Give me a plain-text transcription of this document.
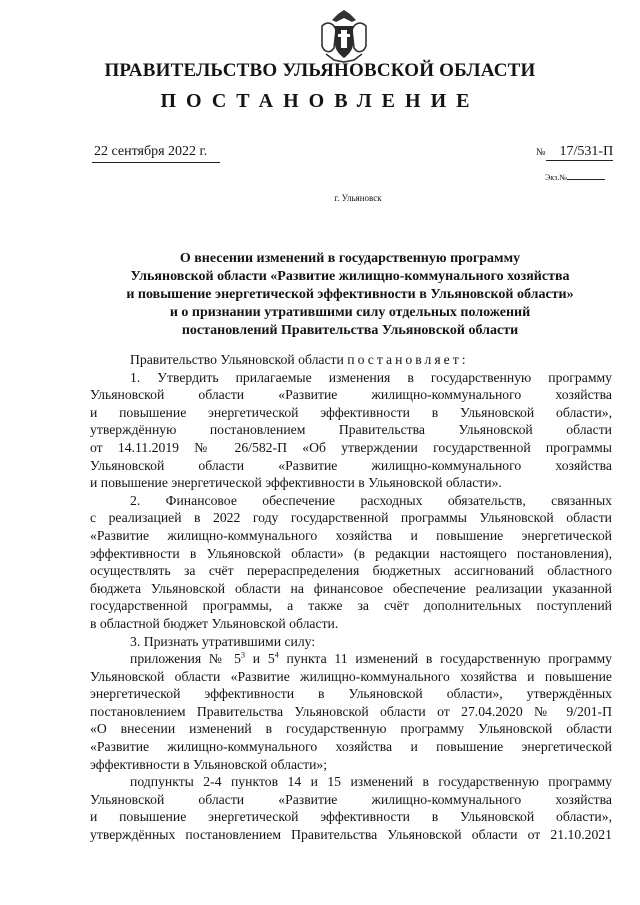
ПРАВИТЕЛЬСТВО УЛЬЯНОВСКОЙ ОБЛАСТИ
ПОСТАНОВЛЕНИЕ
22 сентября 2022 г.	№ 17/531-П
Экз.№
г. Ульяновск
О внесении изменений в государственную программу
Ульяновской области «Развитие жилищно-коммунального хозяйства
и повышение энергетической эффективности в Ульяновской области»
и о признании утратившими силу отдельных положений
постановлений Правительства Ульяновской области

Правительство Ульяновской области постановляет:

1. Утвердить прилагаемые изменения в государственную программу

Ульяновской области «Развитие жилищно-коммунального хозяйства

и повышение энергетической эффективности в Ульяновской области»,

утверждённую постановлением Правительства Ульяновской области

от 14.11.2019 № 26/582-П «Об утверждении государственной программы

Ульяновской области «Развитие жилищно-коммунального хозяйства

и повышение энергетической эффективности в Ульяновской области».

2. Финансовое обеспечение расходных обязательств, связанных

с реализацией в 2022 году государственной программы Ульяновской области

«Развитие жилищно-коммунального хозяйства и повышение энергетической

эффективности в Ульяновской области» (в редакции настоящего постановления),

осуществлять за счёт перераспределения бюджетных ассигнований областного

бюджета Ульяновской области на финансовое обеспечение реализации указанной

государственной программы, а также за счёт дополнительных поступлений

в областной бюджет Ульяновской области.

3. Признать утратившими силу:

приложения № $5^3$ и $5^4$ пункта 11 изменений в государственную программу

Ульяновской области «Развитие жилищно-коммунального хозяйства и повышение

энергетической эффективности в Ульяновской области», утверждённых

постановлением Правительства Ульяновской области от 27.04.2020 № 9/201-П

«О внесении изменений в государственную программу Ульяновской области

«Развитие жилищно-коммунального хозяйства и повышение энергетической

эффективности в Ульяновской области»;

подпункты 2-4 пунктов 14 и 15 изменений в государственную программу

Ульяновской области «Развитие жилищно-коммунального хозяйства

и повышение энергетической эффективности в Ульяновской области»,

утверждённых постановлением Правительства Ульяновской области от 21.10.2021
